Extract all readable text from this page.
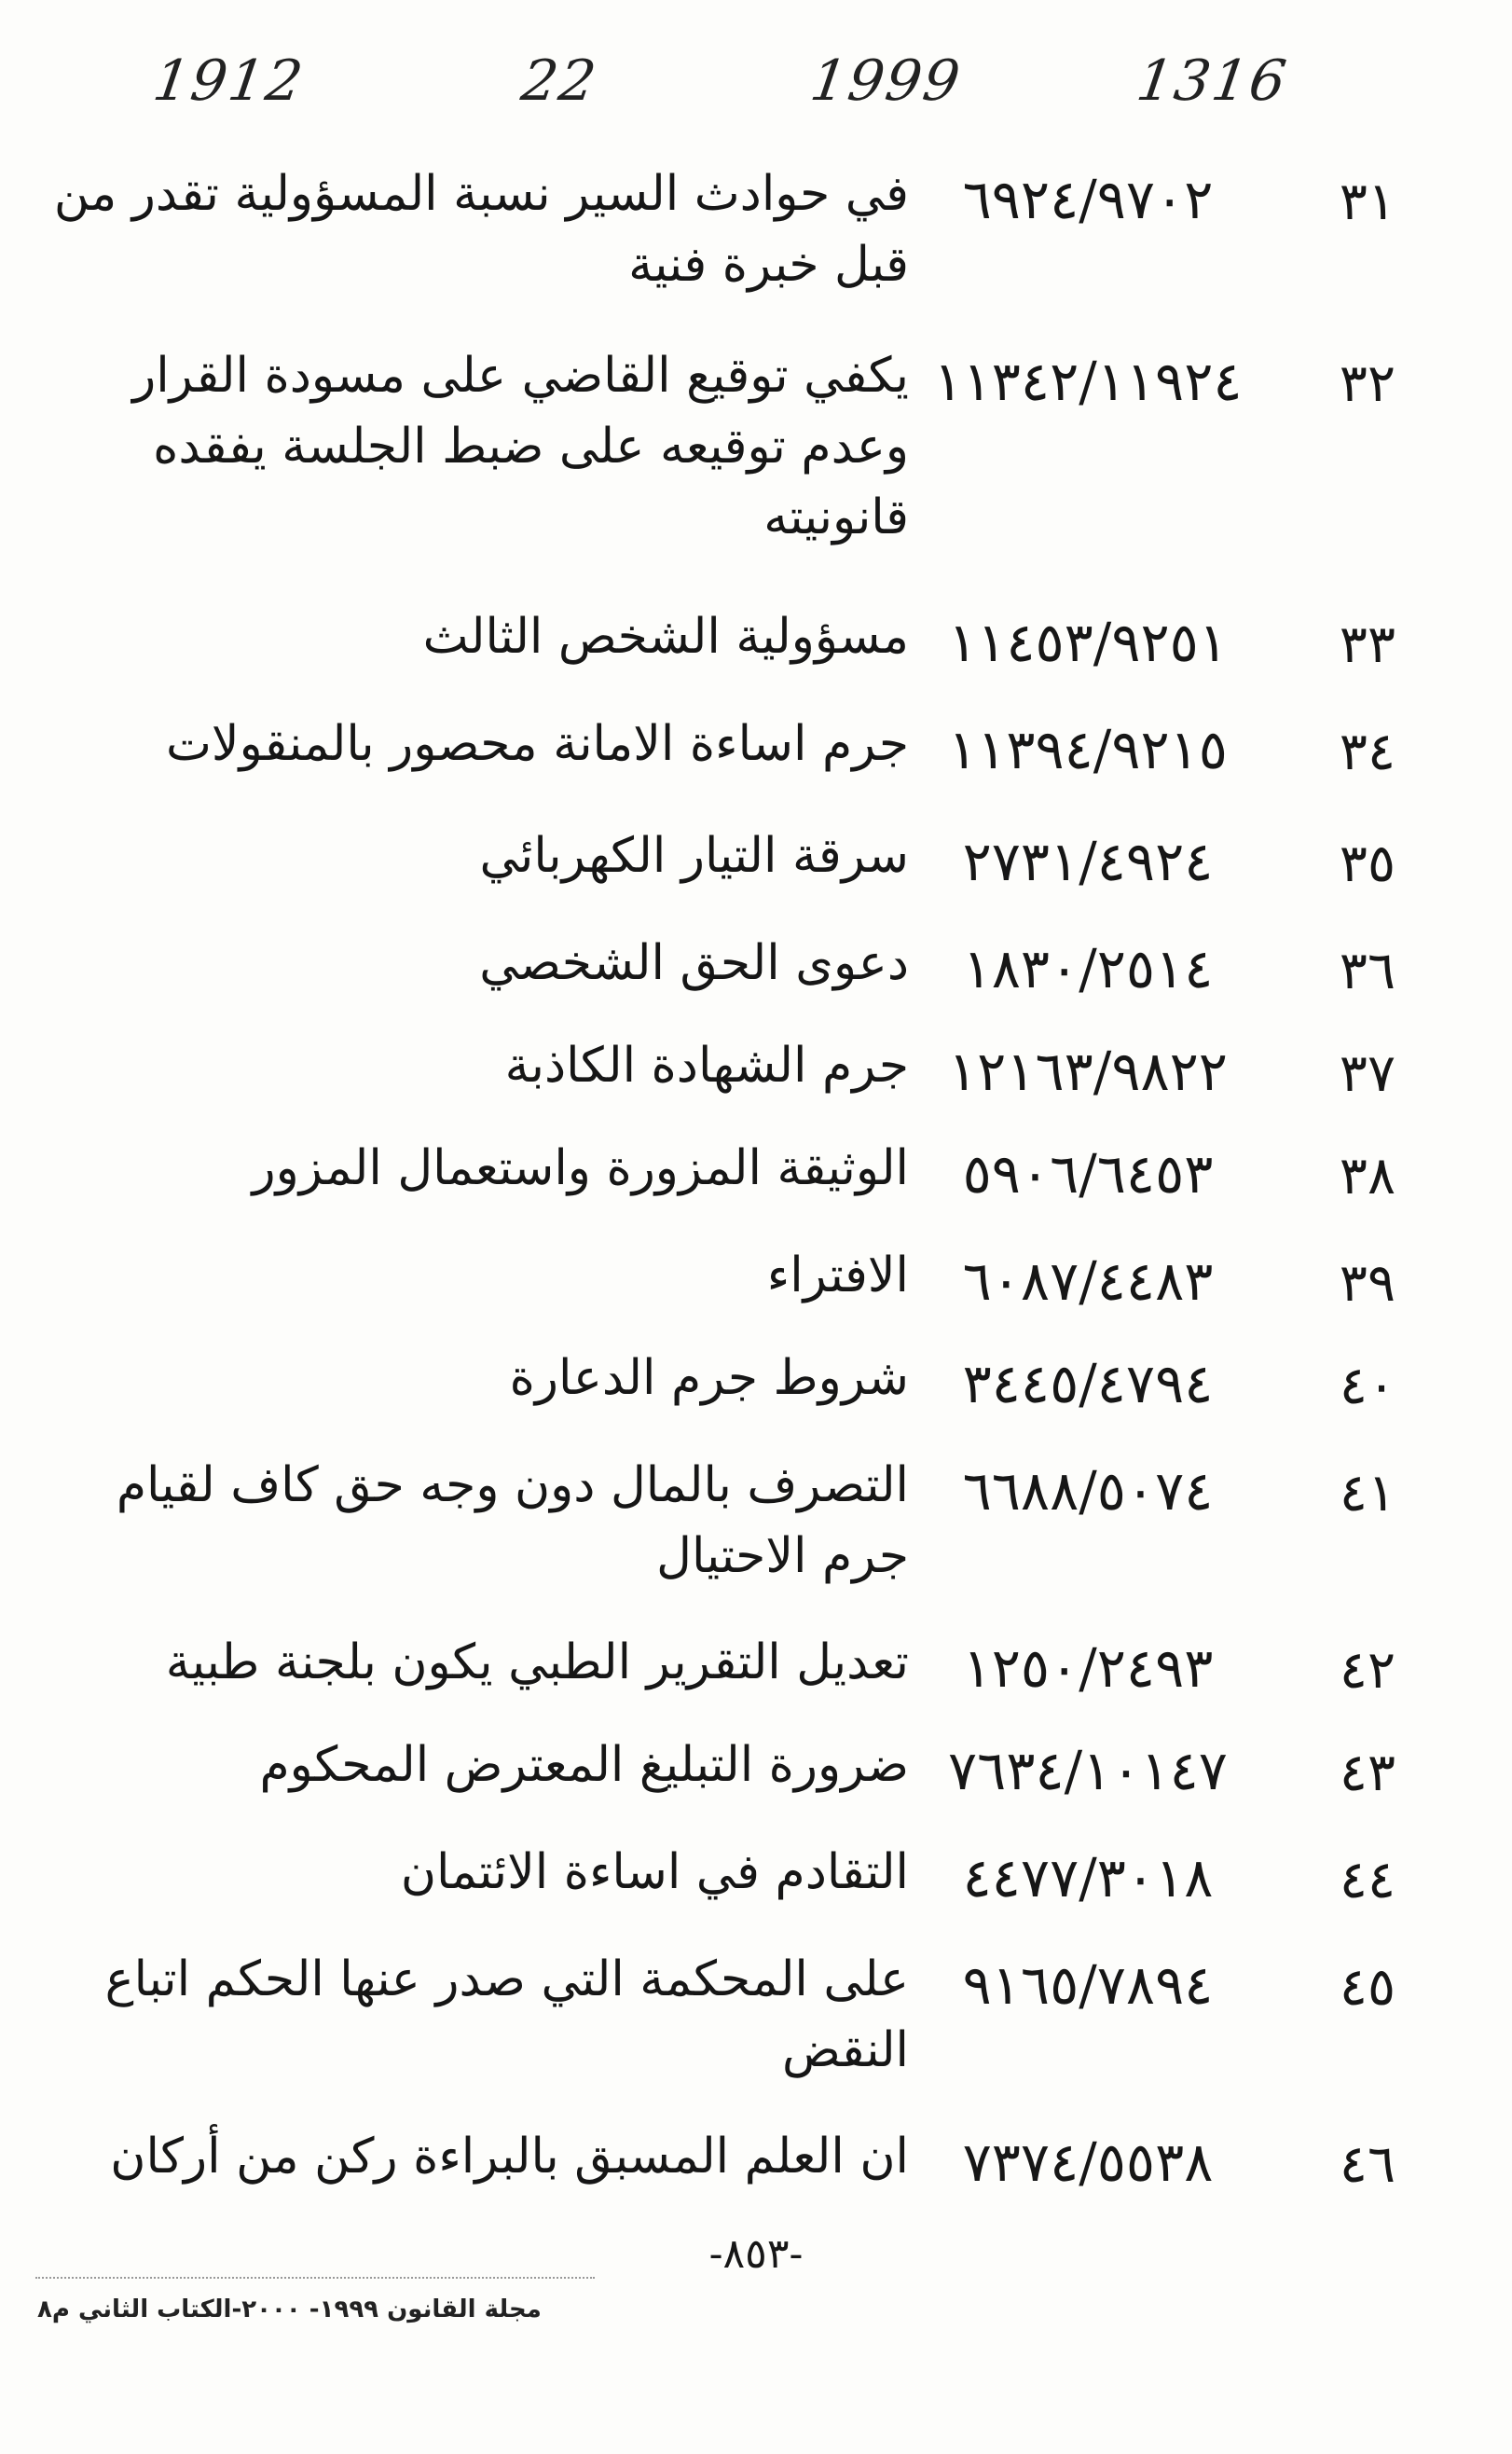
1316
1999
22
1912
٣١
٦٩٢٤/٩٧٠٢
في حوادث السير نسبة المسؤولية تقدر من قبل خبرة فنية
٣٢
١١٣٤٢/١١٩٢٤
يكفي توقيع القاضي على مسودة القرار وعدم توقيعه على ضبط الجلسة يفقده قانونيته
٣٣
١١٤٥٣/٩٢٥١
مسؤولية الشخص الثالث
٣٤
١١٣٩٤/٩٢١٥
جرم اساءة الامانة محصور بالمنقولات
٣٥
٢٧٣١/٤٩٢٤
سرقة التيار الكهربائي
٣٦
١٨٣٠/٢٥١٤
دعوى الحق الشخصي
٣٧
١٢١٦٣/٩٨٢٢
جرم الشهادة الكاذبة
٣٨
٥٩٠٦/٦٤٥٣
الوثيقة المزورة واستعمال المزور
٣٩
٦٠٨٧/٤٤٨٣
الافتراء
٤٠
٣٤٤٥/٤٧٩٤
شروط جرم الدعارة
٤١
٦٦٨٨/٥٠٧٤
التصرف بالمال دون وجه حق كاف لقيام جرم الاحتيال
٤٢
١٢٥٠/٢٤٩٣
تعديل التقرير الطبي يكون بلجنة طبية
٤٣
٧٦٣٤/١٠١٤٧
ضرورة التبليغ المعترض المحكوم
٤٤
٤٤٧٧/٣٠١٨
التقادم في اساءة الائتمان
٤٥
٩١٦٥/٧٨٩٤
على المحكمة التي صدر عنها الحكم اتباع النقض
٤٦
٧٣٧٤/٥٥٣٨
ان العلم المسبق بالبراءة ركن من أركان
-٨٥٣-
مجلة القانون ١٩٩٩- ٢٠٠٠-الكتاب الثاني م٨
